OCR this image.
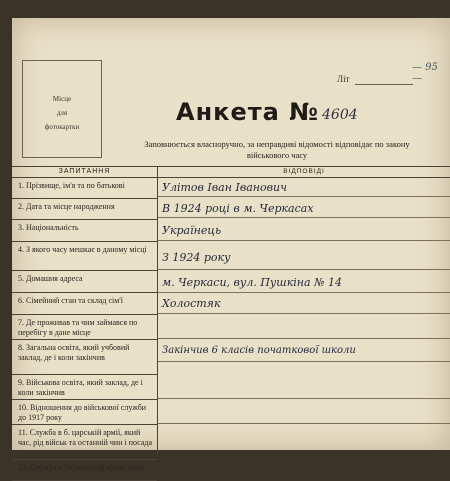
Місце
для
фотокартки
Літ
— 95 —
Анкета № 4604
Заповнюється власноручно, за неправдиві відомості відповідає по закону
військового часу
ЗАПИТАННЯ	ВІДПОВІДІ
1. Прізвище, ім'я та по батькові
2. Дата та місце народження
3. Національність
4. З якого часу мешкає в даному місці
5. Домашня адреса
6. Сімейний стан та склад сім'ї
7. Де проживав та чим займався по перебігу в дане місце
8. Загальна освіта, який учбовий заклад, де і коли закінчив
9. Військова освіта, який заклад, де і коли закінчив
10. Відношення до військової служби до 1917 року
11. Служба в б. царській армії, який час, рід військ та останній чин і посада
12. Служба в Українській армії, який
Улітов Іван Іванович
В 1924 році в м. Черкасах
Українець
З 1924 року
м. Черкаси, вул. Пушкіна № 14
Холостяк
Закінчив 6 класів початкової школи
